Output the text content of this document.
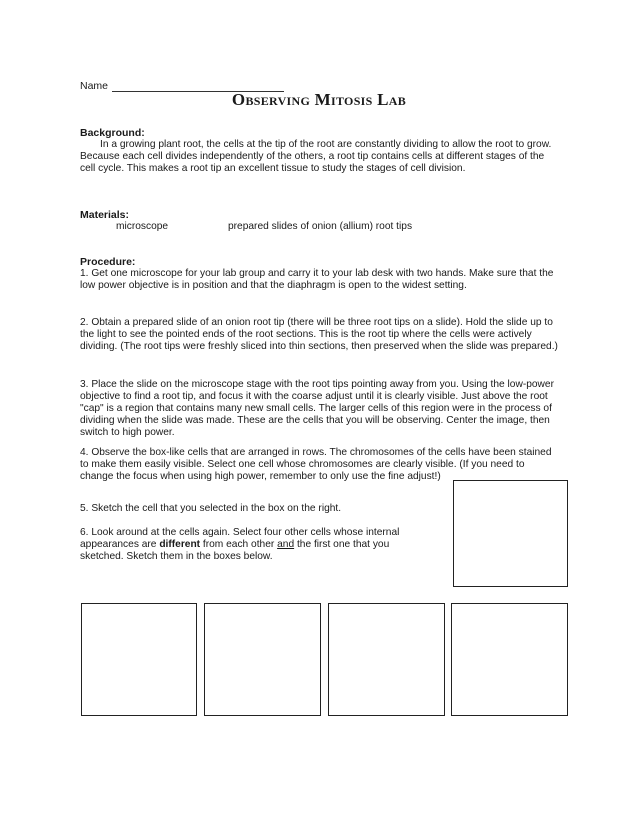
Name
Observing Mitosis Lab
Background:
In a growing plant root, the cells at the tip of the root are constantly dividing to allow the root to grow. Because each cell divides independently of the others, a root tip contains cells at different stages of the cell cycle. This makes a root tip an excellent tissue to study the stages of cell division.
Materials:
microscope	prepared slides of onion (allium) root tips
Procedure:
1. Get one microscope for your lab group and carry it to your lab desk with two hands. Make sure that the low power objective is in position and that the diaphragm is open to the widest setting.
2. Obtain a prepared slide of an onion root tip (there will be three root tips on a slide). Hold the slide up to the light to see the pointed ends of the root sections. This is the root tip where the cells were actively dividing. (The root tips were freshly sliced into thin sections, then preserved when the slide was prepared.)
3. Place the slide on the microscope stage with the root tips pointing away from you. Using the low-power objective to find a root tip, and focus it with the coarse adjust until it is clearly visible. Just above the root "cap" is a region that contains many new small cells. The larger cells of this region were in the process of dividing when the slide was made. These are the cells that you will be observing. Center the image, then switch to high power.
4. Observe the box-like cells that are arranged in rows. The chromosomes of the cells have been stained to make them easily visible. Select one cell whose chromosomes are clearly visible. (If you need to change the focus when using high power, remember to only use the fine adjust!)
5. Sketch the cell that you selected in the box on the right.
6. Look around at the cells again. Select four other cells whose internal appearances are different from each other and the first one that you sketched. Sketch them in the boxes below.
